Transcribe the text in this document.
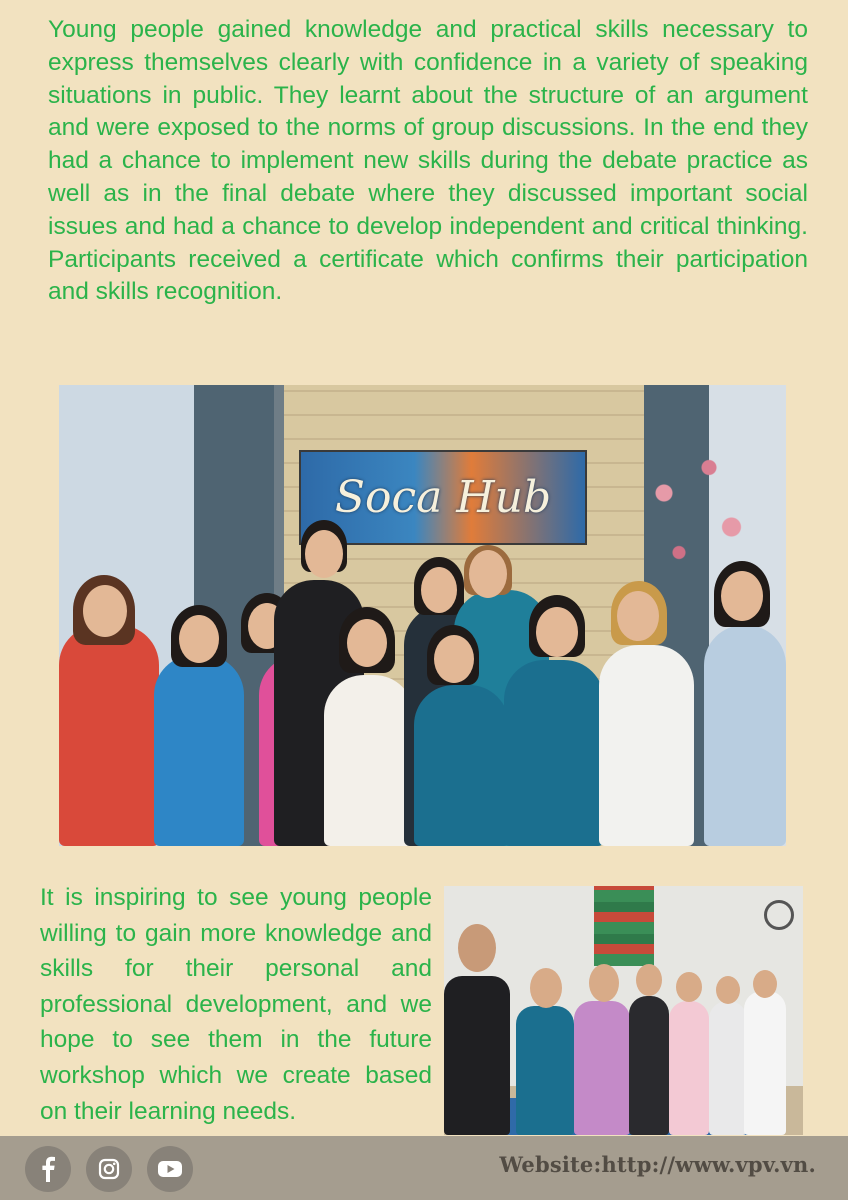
Young people gained knowledge and practical skills necessary to express themselves clearly with confidence in a variety of speaking situations in public. They learnt about the structure of an argument and were exposed to the norms of group discussions. In the end they had a chance to implement new skills during the debate practice as well as in the final debate where they discussed important social issues and had a chance to develop independent and critical thinking. Participants received a certificate which confirms their participation and skills recognition.

Soca Hub

It is inspiring to see young people willing to gain more knowledge and skills for their personal and professional development, and we hope to see them in the future workshop which we create based on their learning needs.

Website:http://www.vpv.vn.
